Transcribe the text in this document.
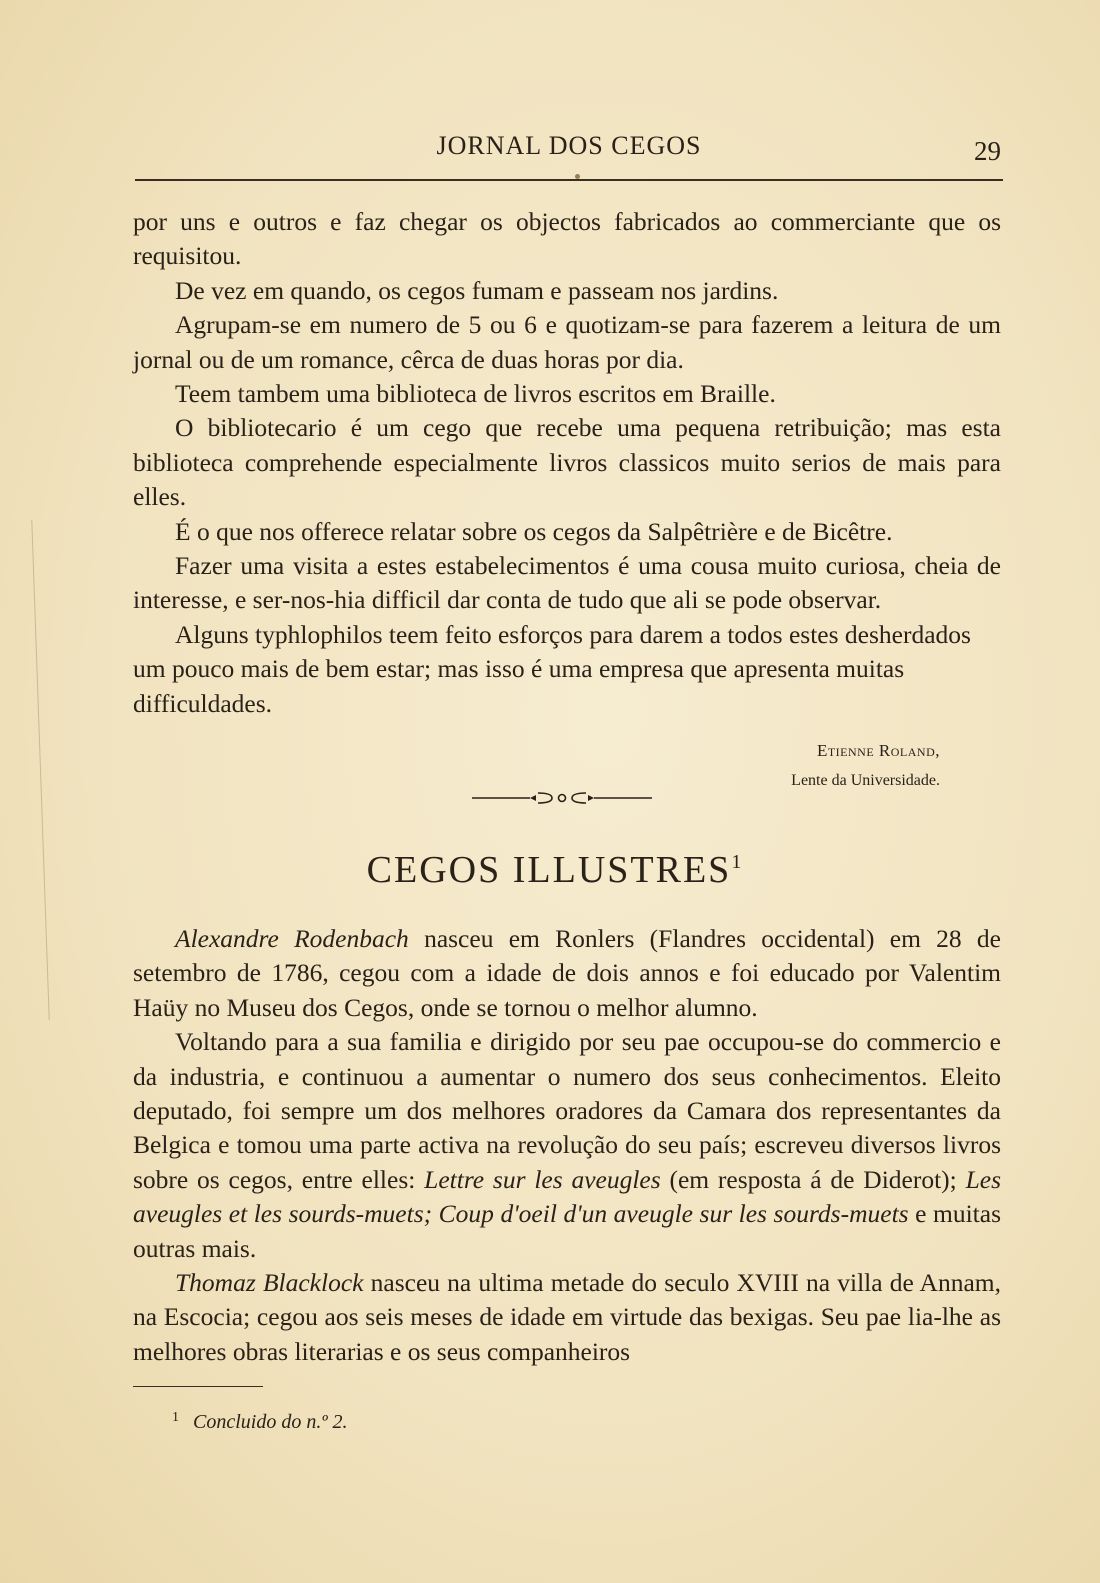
JORNAL DOS CEGOS	29

por uns e outros e faz chegar os objectos fabricados ao commerciante que os requisitou.

De vez em quando, os cegos fumam e passeam nos jardins.

Agrupam-se em numero de 5 ou 6 e quotizam-se para fazerem a leitura de um jornal ou de um romance, cêrca de duas horas por dia.

Teem tambem uma biblioteca de livros escritos em Braille.

O bibliotecario é um cego que recebe uma pequena retribuição; mas esta biblioteca comprehende especialmente livros classicos muito serios de mais para elles.

É o que nos offerece relatar sobre os cegos da Salpêtrière e de Bicêtre.

Fazer uma visita a estes estabelecimentos é uma cousa muito curiosa, cheia de interesse, e ser-nos-hia difficil dar conta de tudo que ali se pode observar.

Alguns typhlophilos teem feito esforços para darem a todos estes desherdados um pouco mais de bem estar; mas isso é uma empresa que apresenta muitas difficuldades.

Etienne Roland,
Lente da Universidade.
CEGOS ILLUSTRES$^1$

Alexandre Rodenbach nasceu em Ronlers (Flandres occidental) em 28 de setembro de 1786, cegou com a idade de dois annos e foi educado por Valentim Haüy no Museu dos Cegos, onde se tornou o melhor alumno.

Voltando para a sua familia e dirigido por seu pae occupou-se do commercio e da industria, e continuou a aumentar o numero dos seus conhecimentos. Eleito deputado, foi sempre um dos melhores oradores da Camara dos representantes da Belgica e tomou uma parte activa na revolução do seu país; escreveu diversos livros sobre os cegos, entre elles: Lettre sur les aveugles (em resposta á de Diderot); Les aveugles et les sourds-muets; Coup d'oeil d'un aveugle sur les sourds-muets e muitas outras mais.

Thomaz Blacklock nasceu na ultima metade do seculo XVIII na villa de Annam, na Escocia; cegou aos seis meses de idade em virtude das bexigas. Seu pae lia-lhe as melhores obras literarias e os seus companheiros

$^1$ Concluido do n.º 2.
